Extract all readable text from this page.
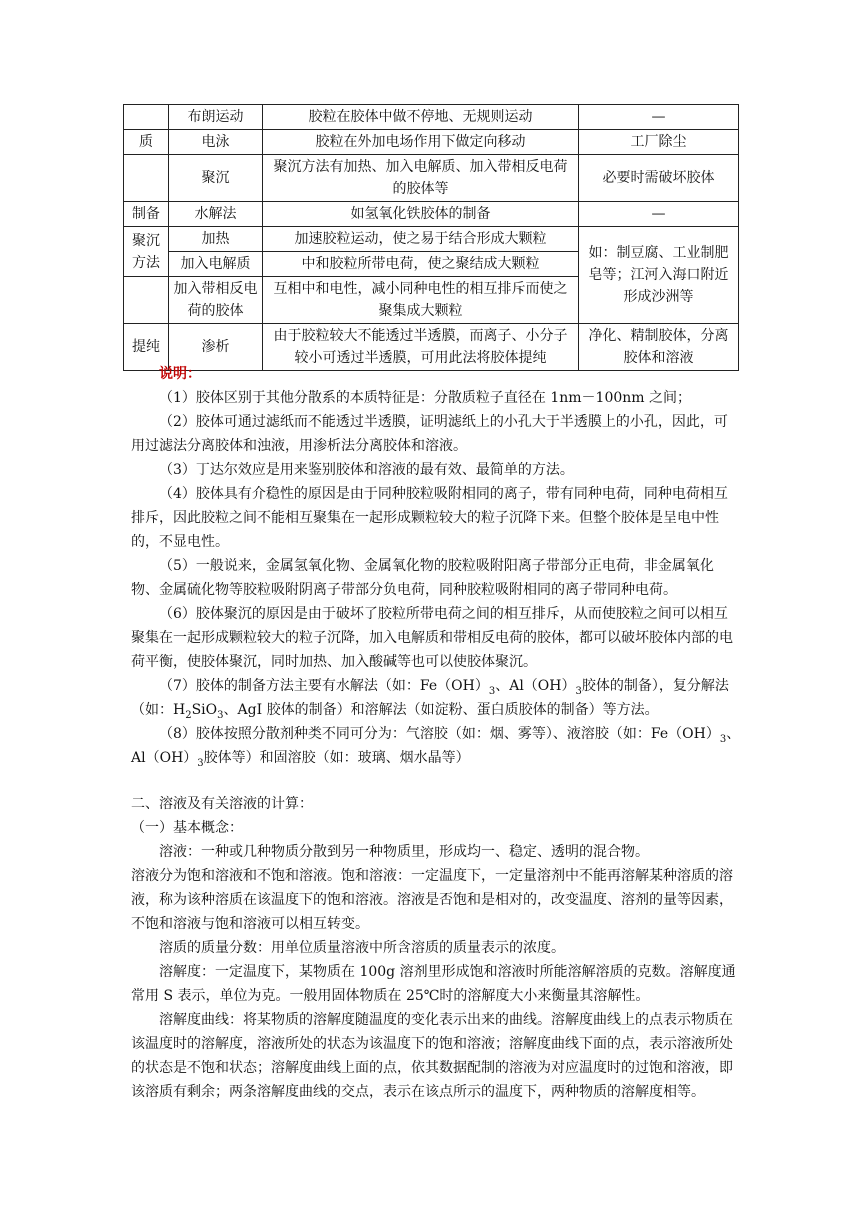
	布朗运动	胶粒在胶体中做不停地、无规则运动	—
质	电泳	胶粒在外加电场作用下做定向移动	工厂除尘
	聚沉	聚沉方法有加热、加入电解质、加入带相反电荷的胶体等	必要时需破坏胶体
制备	水解法	如氢氧化铁胶体的制备	—
聚沉方法	加热	加速胶粒运动，使之易于结合形成大颗粒	如：制豆腐、工业制肥皂等；江河入海口附近形成沙洲等
	加入电解质	中和胶粒所带电荷，使之聚结成大颗粒	
	加入带相反电荷的胶体	互相中和电性，减小同种电性的相互排斥而使之聚集成大颗粒	
提纯	渗析	由于胶粒较大不能透过半透膜，而离子、小分子较小可透过半透膜，可用此法将胶体提纯	净化、精制胶体，分离胶体和溶液
说明：

（1）胶体区别于其他分散系的本质特征是：分散质粒子直径在 1nm－100nm 之间；

（2）胶体可通过滤纸而不能透过半透膜，证明滤纸上的小孔大于半透膜上的小孔，因此，可用过滤法分离胶体和浊液，用渗析法分离胶体和溶液。

（3）丁达尔效应是用来鉴别胶体和溶液的最有效、最简单的方法。

（4）胶体具有介稳性的原因是由于同种胶粒吸附相同的离子，带有同种电荷，同种电荷相互排斥，因此胶粒之间不能相互聚集在一起形成颗粒较大的粒子沉降下来。但整个胶体是呈电中性的，不显电性。

（5）一般说来，金属氢氧化物、金属氧化物的胶粒吸附阳离子带部分正电荷，非金属氧化物、金属硫化物等胶粒吸附阴离子带部分负电荷，同种胶粒吸附相同的离子带同种电荷。

（6）胶体聚沉的原因是由于破坏了胶粒所带电荷之间的相互排斥，从而使胶粒之间可以相互聚集在一起形成颗粒较大的粒子沉降，加入电解质和带相反电荷的胶体，都可以破坏胶体内部的电荷平衡，使胶体聚沉，同时加热、加入酸碱等也可以使胶体聚沉。

（7）胶体的制备方法主要有水解法（如：$Fe(OH)_3$、$Al(OH)_3$胶体的制备），复分解法（如：$H_2SiO_3$、AgI 胶体的制备）和溶解法（如淀粉、蛋白质胶体的制备）等方法。

（8）胶体按照分散剂种类不同可分为：气溶胶（如：烟、雾等）、液溶胶（如：$Fe(OH)_3$、$Al(OH)_3$胶体等）和固溶胶（如：玻璃、烟水晶等）

二、溶液及有关溶液的计算：

（一）基本概念：

溶液：一种或几种物质分散到另一种物质里，形成均一、稳定、透明的混合物。

溶液分为饱和溶液和不饱和溶液。饱和溶液：一定温度下，一定量溶剂中不能再溶解某种溶质的溶液，称为该种溶质在该温度下的饱和溶液。溶液是否饱和是相对的，改变温度、溶剂的量等因素，不饱和溶液与饱和溶液可以相互转变。

溶质的质量分数：用单位质量溶液中所含溶质的质量表示的浓度。

溶解度：一定温度下，某物质在 100g 溶剂里形成饱和溶液时所能溶解溶质的克数。溶解度通常用 S 表示，单位为克。一般用固体物质在 25℃时的溶解度大小来衡量其溶解性。

溶解度曲线：将某物质的溶解度随温度的变化表示出来的曲线。溶解度曲线上的点表示物质在该温度时的溶解度，溶液所处的状态为该温度下的饱和溶液；溶解度曲线下面的点，表示溶液所处的状态是不饱和状态；溶解度曲线上面的点，依其数据配制的溶液为对应温度时的过饱和溶液，即该溶质有剩余；两条溶解度曲线的交点，表示在该点所示的温度下，两种物质的溶解度相等。
